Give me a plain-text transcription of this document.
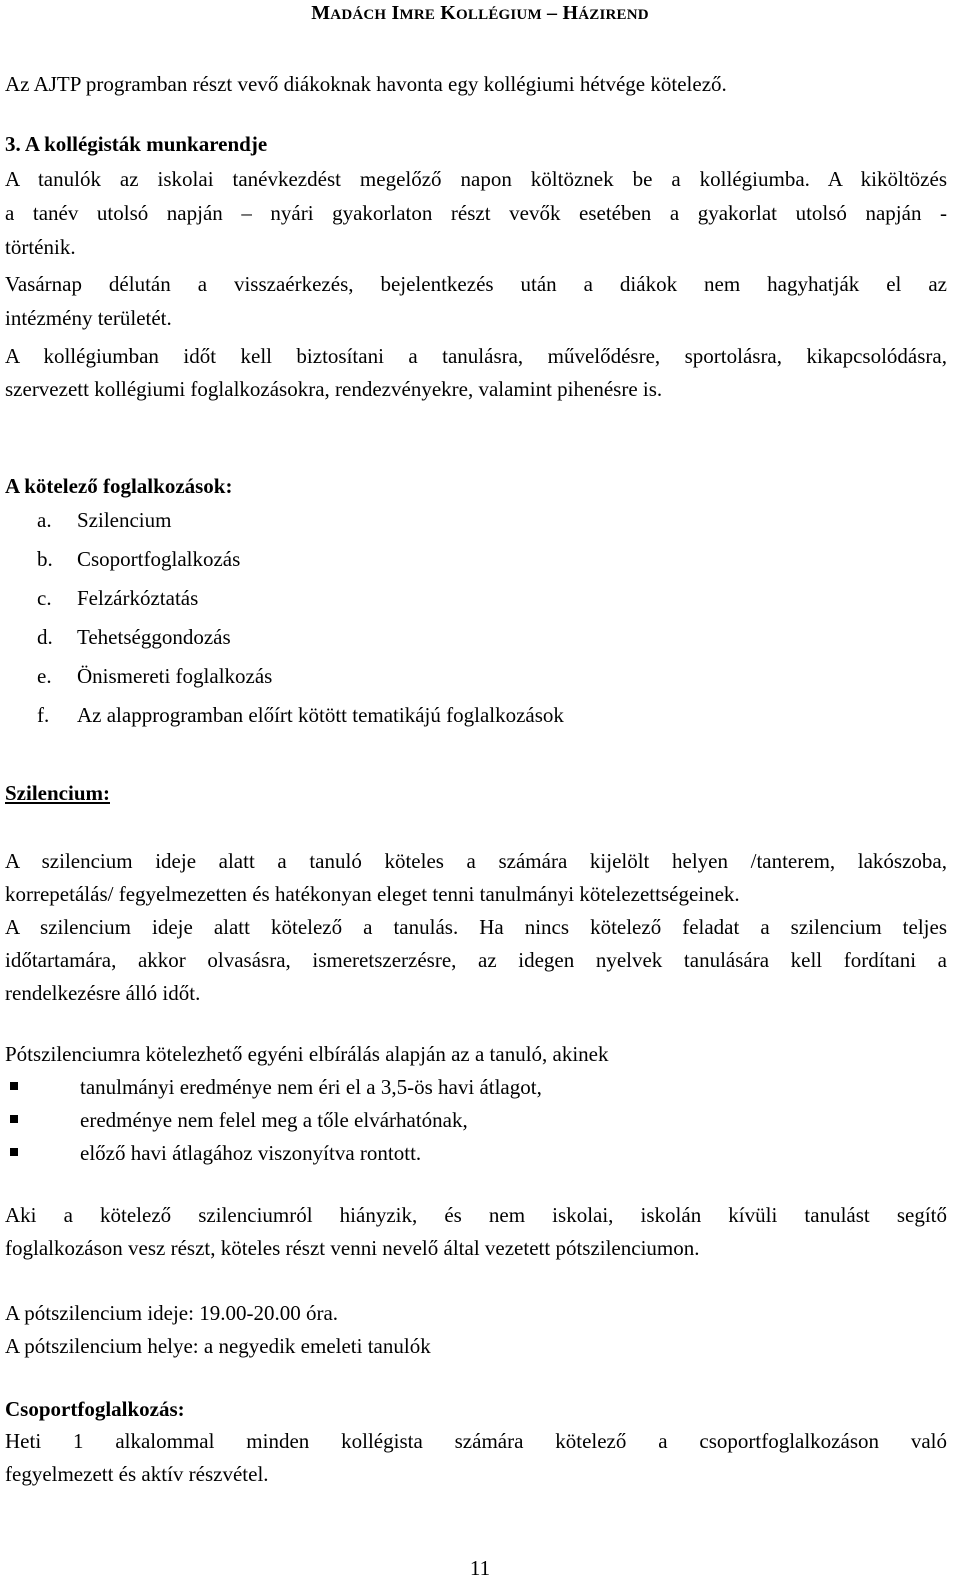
MADÁCH IMRE KOLLÉGIUM – HÁZIREND
Az AJTP programban részt vevő diákoknak havonta egy kollégiumi hétvége kötelező.
3. A kollégisták munkarendje
A tanulók az iskolai tanévkezdést megelőző napon költöznek be a kollégiumba. A kiköltözés
a tanév utolsó napján – nyári gyakorlaton részt vevők esetében a gyakorlat utolsó napján -
történik.
Vasárnap délután a visszaérkezés, bejelentkezés után a diákok nem hagyhatják el az
intézmény területét.
A kollégiumban időt kell biztosítani a tanulásra, művelődésre, sportolásra, kikapcsolódásra,
szervezett kollégiumi foglalkozásokra, rendezvényekre, valamint pihenésre is.
A kötelező foglalkozások:
a. Szilencium
b. Csoportfoglalkozás
c. Felzárkóztatás
d. Tehetséggondozás
e. Önismereti foglalkozás
f. Az alapprogramban előírt kötött tematikájú foglalkozások
Szilencium:
A szilencium ideje alatt a tanuló köteles a számára kijelölt helyen /tanterem, lakószoba,
korrepetálás/ fegyelmezetten és hatékonyan eleget tenni tanulmányi kötelezettségeinek.
A szilencium ideje alatt kötelező a tanulás. Ha nincs kötelező feladat a szilencium teljes
időtartamára, akkor olvasásra, ismeretszerzésre, az idegen nyelvek tanulására kell fordítani a
rendelkezésre álló időt.
Pótszilenciumra kötelezhető egyéni elbírálás alapján az a tanuló, akinek
tanulmányi eredménye nem éri el a 3,5-ös havi átlagot,
eredménye nem felel meg a tőle elvárhatónak,
előző havi átlagához viszonyítva rontott.
Aki a kötelező szilenciumról hiányzik, és nem iskolai, iskolán kívüli tanulást segítő
foglalkozáson vesz részt, köteles részt venni nevelő által vezetett pótszilenciumon.
A pótszilencium ideje: 19.00-20.00 óra.
A pótszilencium helye: a negyedik emeleti tanulók
Csoportfoglalkozás:
Heti 1 alkalommal minden kollégista számára kötelező a csoportfoglalkozáson való
fegyelmezett és aktív részvétel.
11
